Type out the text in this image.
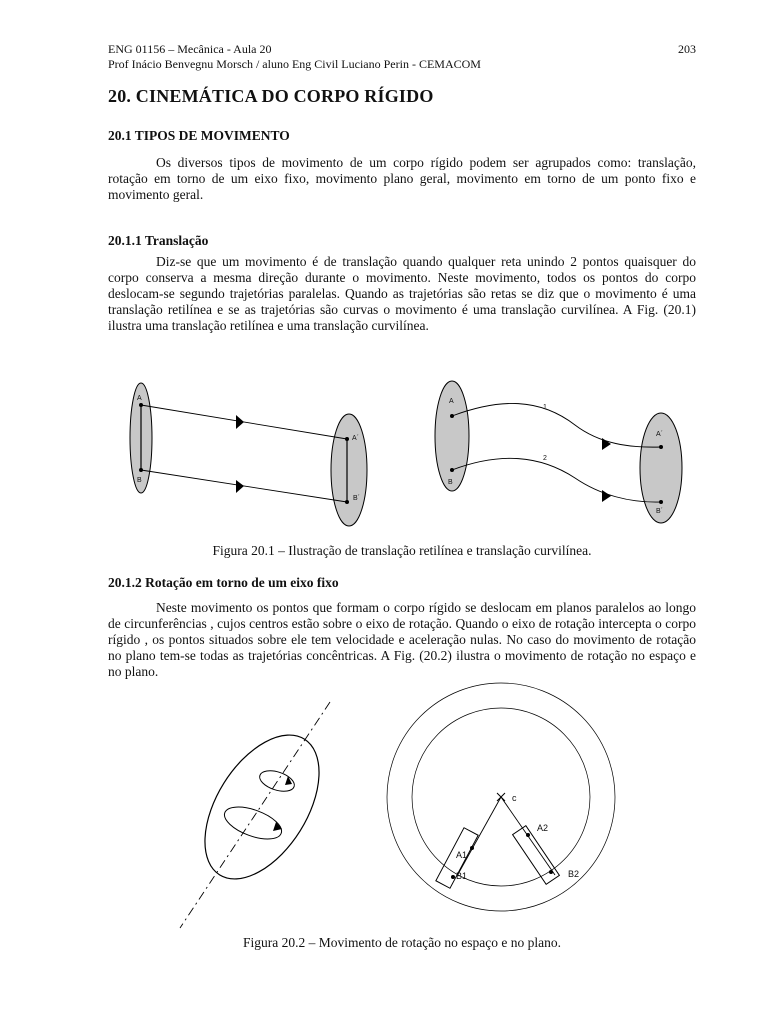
ENG 01156 – Mecânica - Aula 20
Prof Inácio Benvegnu Morsch / aluno Eng Civil Luciano Perin - CEMACOM
203
20. CINEMÁTICA DO CORPO RÍGIDO
20.1 TIPOS DE MOVIMENTO

Os diversos tipos de movimento de um corpo rígido podem ser agrupados como: translação, rotação em torno de um eixo fixo, movimento plano geral, movimento em torno de um ponto fixo e movimento geral.

20.1.1 Translação

Diz-se que um movimento é de translação quando qualquer reta unindo 2 pontos quaisquer do corpo conserva a mesma direção durante o movimento. Neste movimento, todos os pontos do corpo deslocam-se segundo trajetórias paralelas. Quando as trajetórias são retas se diz que o movimento é uma translação retilínea e se as trajetórias são curvas o movimento é uma translação curvilínea. A Fig. (20.1) ilustra uma translação retilínea e uma translação curvilínea.

A
B
A´
B´
A
B
A´
B´
1
2
c
A1
B1
A2
B2
Figura 20.1 – Ilustração de translação retilínea e translação curvilínea.
20.1.2 Rotação em torno de um eixo fixo

Neste movimento os pontos que formam o corpo rígido se deslocam em planos paralelos ao longo de circunferências , cujos centros estão sobre o eixo de rotação. Quando o eixo de rotação intercepta o corpo rígido , os pontos situados sobre ele tem velocidade e aceleração nulas. No caso do movimento de rotação no plano tem-se todas as trajetórias concêntricas. A Fig. (20.2) ilustra o movimento de rotação no espaço e no plano.

Figura 20.2 – Movimento de rotação no espaço e no plano.
